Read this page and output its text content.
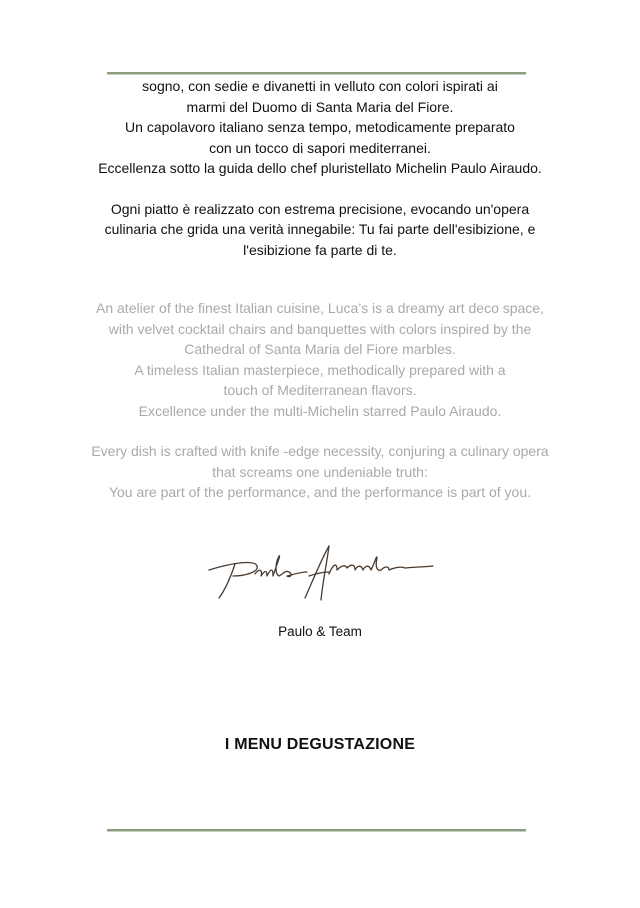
sogno, con sedie e divanetti in velluto con colori ispirati ai
marmi del Duomo di Santa Maria del Fiore.
Un capolavoro italiano senza tempo, metodicamente preparato
con un tocco di sapori mediterranei.
Eccellenza sotto la guida dello chef pluristellato Michelin Paulo Airaudo.
Ogni piatto è realizzato con estrema precisione, evocando un'opera
culinaria che grida una verità innegabile: Tu fai parte dell'esibizione, e
l'esibizione fa parte di te.
An atelier of the finest Italian cuisine, Luca’s is a dreamy art deco space,
with velvet cocktail chairs and banquettes with colors inspired by the
Cathedral of Santa Maria del Fiore marbles.
A timeless Italian masterpiece, methodically prepared with a
touch of Mediterranean flavors.
Excellence under the multi-Michelin starred Paulo Airaudo.
Every dish is crafted with knife -edge necessity, conjuring a culinary opera
that screams one undeniable truth:
You are part of the performance, and the performance is part of you.
Paulo & Team
I MENU DEGUSTAZIONE
